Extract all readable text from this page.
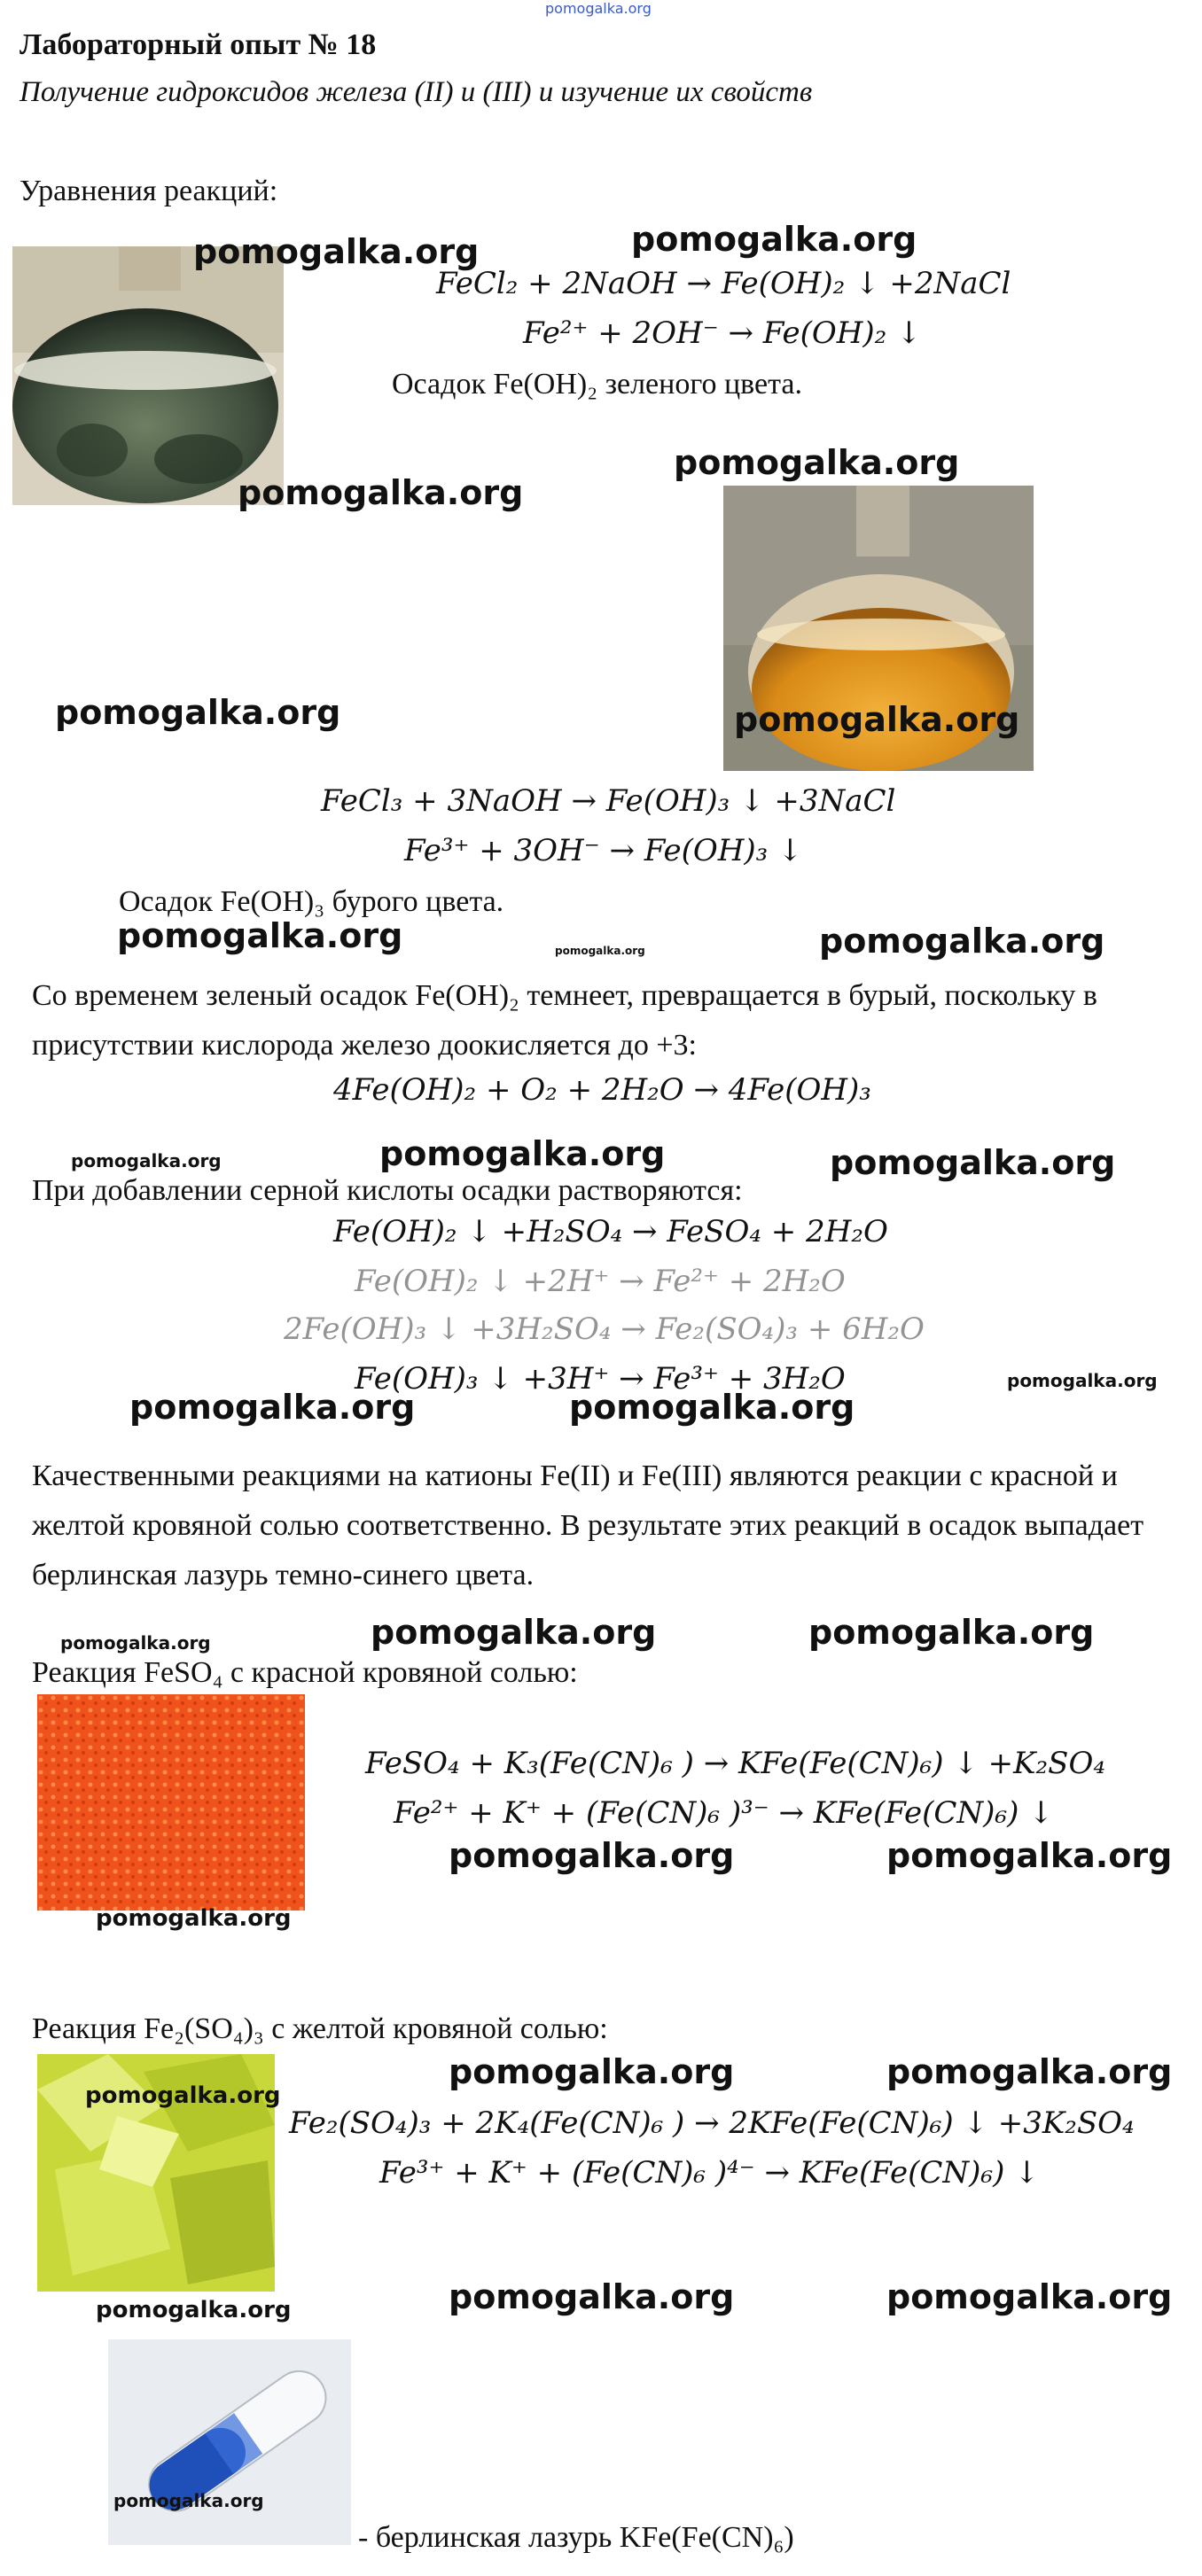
pomogalka.org
Лабораторный опыт № 18
Получение гидроксидов железа (II) и (III) и изучение их свойств
Уравнения реакций:
pomogalka.org	pomogalka.org
FeCl₂ + 2NaOH → Fe(OH)₂ ↓ +2NaCl
Fe²⁺ + 2OH⁻ → Fe(OH)₂ ↓
Осадок Fe(OH)₂ зеленого цвета.
pomogalka.org
pomogalka.org
pomogalka.org	pomogalka.org
FeCl₃ + 3NaOH → Fe(OH)₃ ↓ +3NaCl
Fe³⁺ + 3OH⁻ → Fe(OH)₃ ↓
Осадок Fe(OH)₃ бурого цвета.
pomogalka.org	pomogalka.org	pomogalka.org
Со временем зеленый осадок Fe(OH)₂ темнеет, превращается в бурый, поскольку в присутствии кислорода железо доокисляется до +3:
4Fe(OH)₂ + O₂ + 2H₂O → 4Fe(OH)₃
pomogalka.org	pomogalka.org	pomogalka.org
При добавлении серной кислоты осадки растворяются:
Fe(OH)₂ ↓ +H₂SO₄ → FeSO₄ + 2H₂O
Fe(OH)₂ ↓ +2H⁺ → Fe²⁺ + 2H₂O
2Fe(OH)₃ ↓ +3H₂SO₄ → Fe₂(SO₄)₃ + 6H₂O
Fe(OH)₃ ↓ +3H⁺ → Fe³⁺ + 3H₂O
pomogalka.org	pomogalka.org
pomogalka.org
Качественными реакциями на катионы Fe(II) и Fe(III) являются реакции с красной и желтой кровяной солью соответственно. В результате этих реакций в осадок выпадает берлинская лазурь темно-синего цвета.
pomogalka.org	pomogalka.org	pomogalka.org
Реакция FeSO₄ с красной кровяной солью:
FeSO₄ + K₃(Fe(CN)₆ ) → KFe(Fe(CN)₆) ↓ +K₂SO₄
Fe²⁺ + K⁺ + (Fe(CN)₆ )³⁻ → KFe(Fe(CN)₆) ↓
pomogalka.org	pomogalka.org
pomogalka.org
Реакция Fe₂(SO₄)₃ с желтой кровяной солью:
pomogalka.org
pomogalka.org	pomogalka.org
Fe₂(SO₄)₃ + 2K₄(Fe(CN)₆ ) → 2KFe(Fe(CN)₆) ↓ +3K₂SO₄
Fe³⁺ + K⁺ + (Fe(CN)₆ )⁴⁻ → KFe(Fe(CN)₆) ↓
pomogalka.org	pomogalka.org	pomogalka.org
pomogalka.org
- берлинская лазурь KFe(Fe(CN)₆)
